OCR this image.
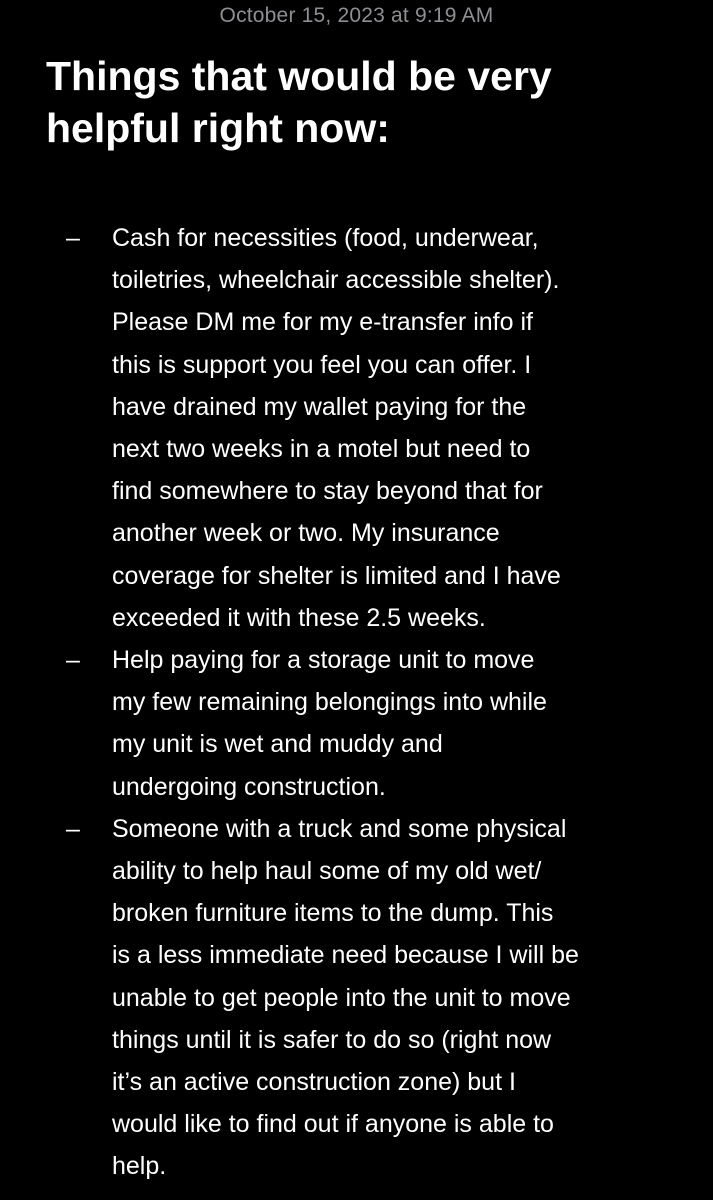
October 15, 2023 at 9:19 AM
Things that would be very
helpful right now:
–	Cash for necessities (food, underwear,
toiletries, wheelchair accessible shelter).
Please DM me for my e-transfer info if
this is support you feel you can offer. I
have drained my wallet paying for the
next two weeks in a motel but need to
find somewhere to stay beyond that for
another week or two. My insurance
coverage for shelter is limited and I have
exceeded it with these 2.5 weeks.
–	Help paying for a storage unit to move
my few remaining belongings into while
my unit is wet and muddy and
undergoing construction.
–	Someone with a truck and some physical
ability to help haul some of my old wet/
broken furniture items to the dump. This
is a less immediate need because I will be
unable to get people into the unit to move
things until it is safer to do so (right now
it’s an active construction zone) but I
would like to find out if anyone is able to
help.
